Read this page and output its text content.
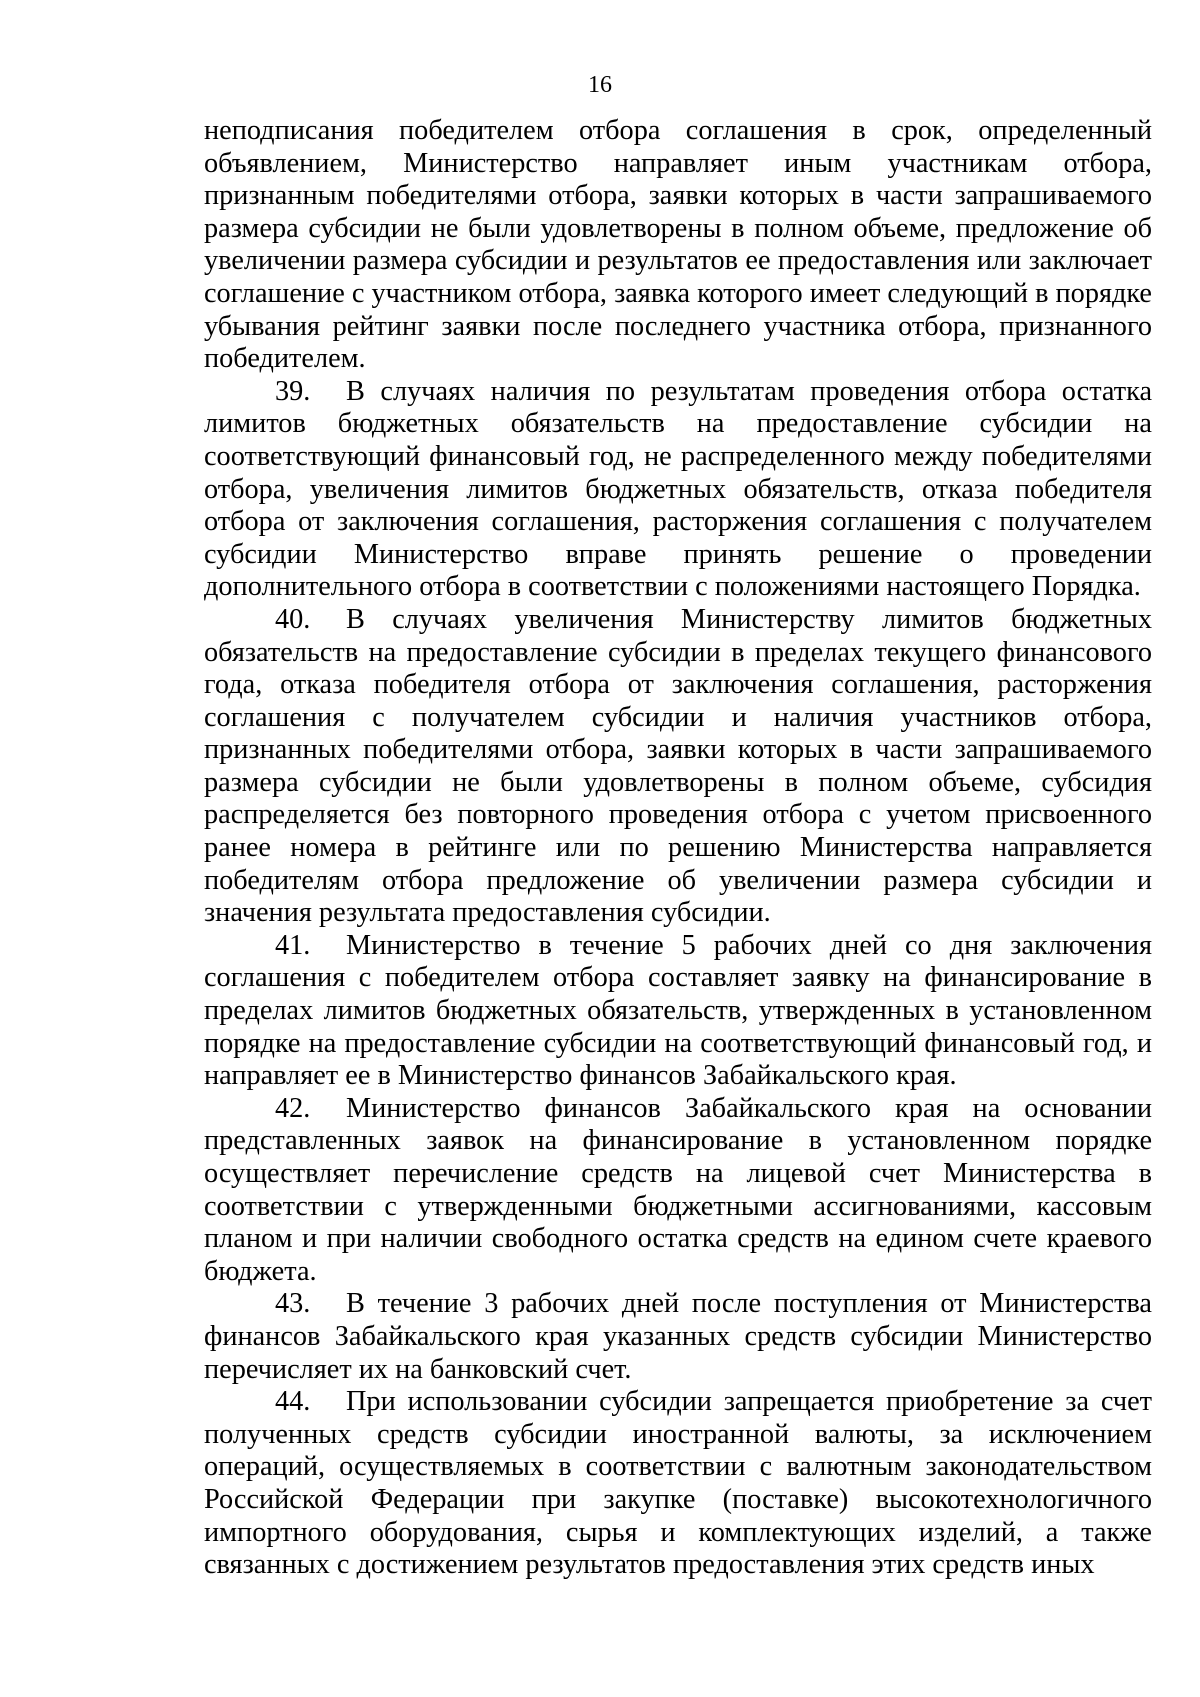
16

неподписания победителем отбора соглашения в срок, определенный объявлением, Министерство направляет иным участникам отбора, признанным победителями отбора, заявки которых в части запрашиваемого размера субсидии не были удовлетворены в полном объеме, предложение об увеличении размера субсидии и результатов ее предоставления или заключает соглашение с участником отбора, заявка которого имеет следующий в порядке убывания рейтинг заявки после последнего участника отбора, признанного победителем.

39. В случаях наличия по результатам проведения отбора остатка лимитов бюджетных обязательств на предоставление субсидии на соответствующий финансовый год, не распределенного между победителями отбора, увеличения лимитов бюджетных обязательств, отказа победителя отбора от заключения соглашения, расторжения соглашения с получателем субсидии Министерство вправе принять решение о проведении дополнительного отбора в соответствии с положениями настоящего Порядка.

40. В случаях увеличения Министерству лимитов бюджетных обязательств на предоставление субсидии в пределах текущего финансового года, отказа победителя отбора от заключения соглашения, расторжения соглашения с получателем субсидии и наличия участников отбора, признанных победителями отбора, заявки которых в части запрашиваемого размера субсидии не были удовлетворены в полном объеме, субсидия распределяется без повторного проведения отбора с учетом присвоенного ранее номера в рейтинге или по решению Министерства направляется победителям отбора предложение об увеличении размера субсидии и значения результата предоставления субсидии.

41. Министерство в течение 5 рабочих дней со дня заключения соглашения с победителем отбора составляет заявку на финансирование в пределах лимитов бюджетных обязательств, утвержденных в установленном порядке на предоставление субсидии на соответствующий финансовый год, и направляет ее в Министерство финансов Забайкальского края.

42. Министерство финансов Забайкальского края на основании представленных заявок на финансирование в установленном порядке осуществляет перечисление средств на лицевой счет Министерства в соответствии с утвержденными бюджетными ассигнованиями, кассовым планом и при наличии свободного остатка средств на едином счете краевого бюджета.

43. В течение 3 рабочих дней после поступления от Министерства финансов Забайкальского края указанных средств субсидии Министерство перечисляет их на банковский счет.

44. При использовании субсидии запрещается приобретение за счет полученных средств субсидии иностранной валюты, за исключением операций, осуществляемых в соответствии с валютным законодательством Российской Федерации при закупке (поставке) высокотехнологичного импортного оборудования, сырья и комплектующих изделий, а также связанных с достижением результатов предоставления этих средств иных
